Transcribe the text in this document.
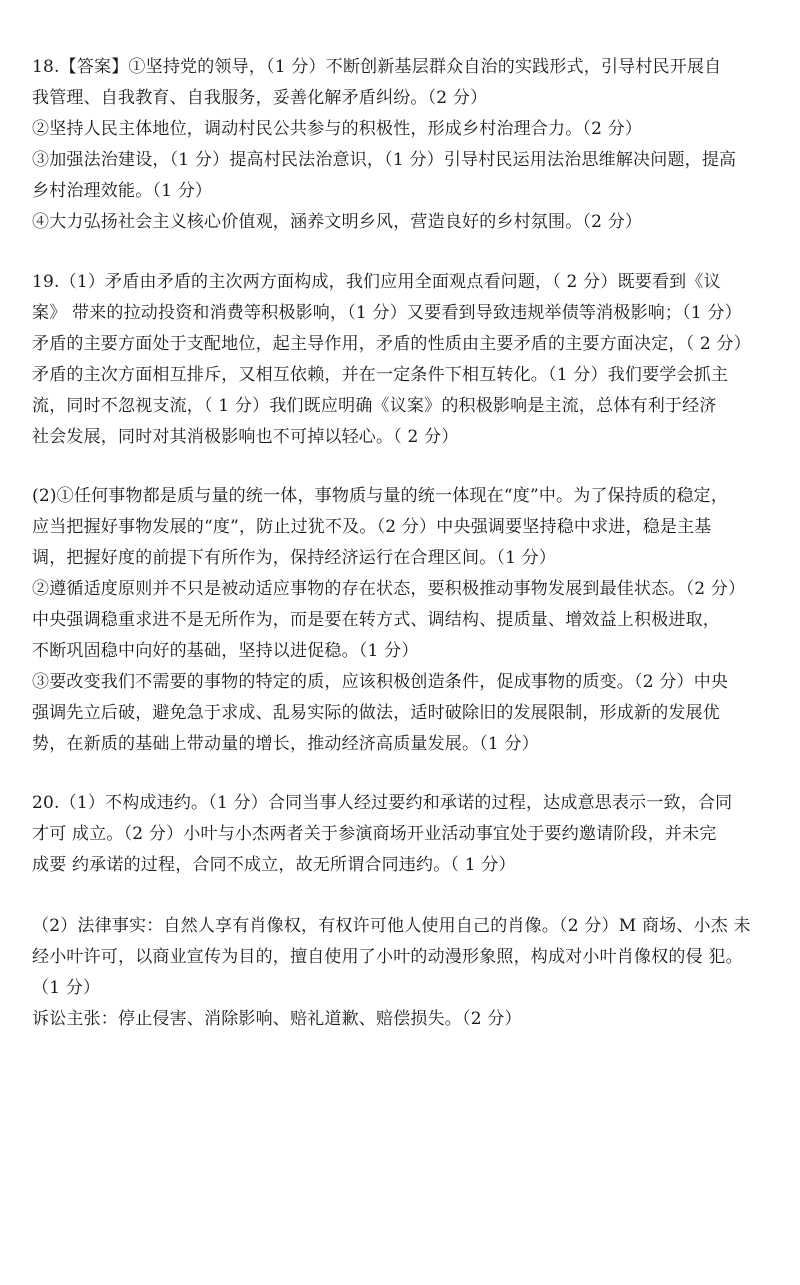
18.【答案】①坚持党的领导，（1 分）不断创新基层群众自治的实践形式，引导村民开展自
我管理、自我教育、自我服务，妥善化解矛盾纠纷。（2 分）
②坚持人民主体地位，调动村民公共参与的积极性，形成乡村治理合力。（2 分）
③加强法治建设，（1 分）提高村民法治意识，（1 分）引导村民运用法治思维解决问题，提高
乡村治理效能。（1 分）
④大力弘扬社会主义核心价值观，涵养文明乡风，营造良好的乡村氛围。（2 分）
19.（1）矛盾由矛盾的主次两方面构成，我们应用全面观点看问题，（ 2 分）既要看到《议
案》 带来的拉动投资和消费等积极影响，（1 分）又要看到导致违规举债等消极影响；（1 分）
矛盾的主要方面处于支配地位，起主导作用，矛盾的性质由主要矛盾的主要方面决定，（ 2 分）
矛盾的主次方面相互排斥，又相互依赖，并在一定条件下相互转化。（1 分）我们要学会抓主
流，同时不忽视支流，（ 1 分）我们既应明确《议案》的积极影响是主流，总体有利于经济
社会发展，同时对其消极影响也不可掉以轻心。（ 2 分）
(2)①任何事物都是质与量的统一体，事物质与量的统一体现在“度”中。为了保持质的稳定，
应当把握好事物发展的“度”，防止过犹不及。（2 分）中央强调要坚持稳中求进，稳是主基
调，把握好度的前提下有所作为，保持经济运行在合理区间。（1 分）
②遵循适度原则并不只是被动适应事物的存在状态，要积极推动事物发展到最佳状态。（2 分）
中央强调稳重求进不是无所作为，而是要在转方式、调结构、提质量、增效益上积极进取，
不断巩固稳中向好的基础，坚持以进促稳。（1 分）
③要改变我们不需要的事物的特定的质，应该积极创造条件，促成事物的质变。（2 分）中央
强调先立后破，避免急于求成、乱易实际的做法，适时破除旧的发展限制，形成新的发展优
势，在新质的基础上带动量的增长，推动经济高质量发展。（1 分）
20.（1）不构成违约。（1 分）合同当事人经过要约和承诺的过程，达成意思表示一致，合同
才可 成立。（2 分）小叶与小杰两者关于参演商场开业活动事宜处于要约邀请阶段，并未完
成要 约承诺的过程，合同不成立，故无所谓合同违约。（ 1 分）
（2）法律事实：自然人享有肖像权，有权许可他人使用自己的肖像。（2 分）M 商场、小杰 未
经小叶许可，以商业宣传为目的，擅自使用了小叶的动漫形象照，构成对小叶肖像权的侵 犯。
（1 分）
诉讼主张：停止侵害、消除影响、赔礼道歉、赔偿损失。（2 分）
